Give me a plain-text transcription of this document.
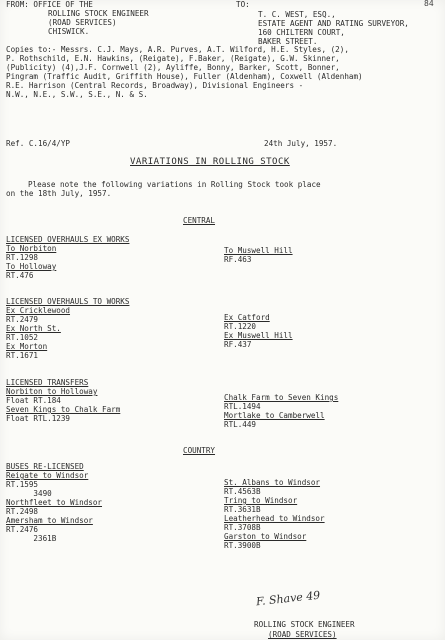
FROM: OFFICE OF THE
ROLLING STOCK ENGINEER
(ROAD SERVICES)
CHISWICK.
TO:
T. C. WEST, ESQ.,
ESTATE AGENT AND RATING SURVEYOR,
160 CHILTERN COURT,
BAKER STREET.
84
Copies to:- Messrs. C.J. Mays, A.R. Purves, A.T. Wilford, H.E. Styles, (2),
P. Rothschild, E.N. Hawkins, (Reigate), F.Baker, (Reigate), G.W. Skinner,
(Publicity) (4),J.F. Cornwell (2), Ayliffe, Bonny, Barker, Scott, Bonner,
Pingram (Traffic Audit, Griffith House), Fuller (Aldenham), Coxwell (Aldenham)
R.E. Harrison (Central Records, Broadway), Divisional Engineers -
N.W., N.E., S.W., S.E., N. & S.
Ref. C.16/4/YP	24th July, 1957.
VARIATIONS IN ROLLING STOCK
Please note the following variations in Rolling Stock took place
on the 18th July, 1957.
CENTRAL
LICENSED OVERHAULS EX WORKS
To Norbiton
RT.1298
To Holloway
RT.476
To Muswell Hill
RF.463
LICENSED OVERHAULS TO WORKS
Ex Cricklewood
RT.2479
Ex North St.
RT.1052
Ex Morton
RT.1671
Ex Catford
RT.1220
Ex Muswell Hill
RF.437
LICENSED TRANSFERS
Norbiton to Holloway
Float RT.184
Seven Kings to Chalk Farm
Float RTL.1239
Chalk Farm to Seven Kings
RTL.1494
Mortlake to Camberwell
RTL.449
COUNTRY
BUSES RE-LICENSED
Reigate to Windsor
RT.1595
3490
Northfleet to Windsor
RT.2498
Amersham to Windsor
RT.2476
2361B
St. Albans to Windsor
RT.4563B
Tring to Windsor
RT.3631B
Leatherhead to Windsor
RT.3708B
Garston to Windsor
RT.3900B
F. Shave 49
ROLLING STOCK ENGINEER
(ROAD SERVICES)
